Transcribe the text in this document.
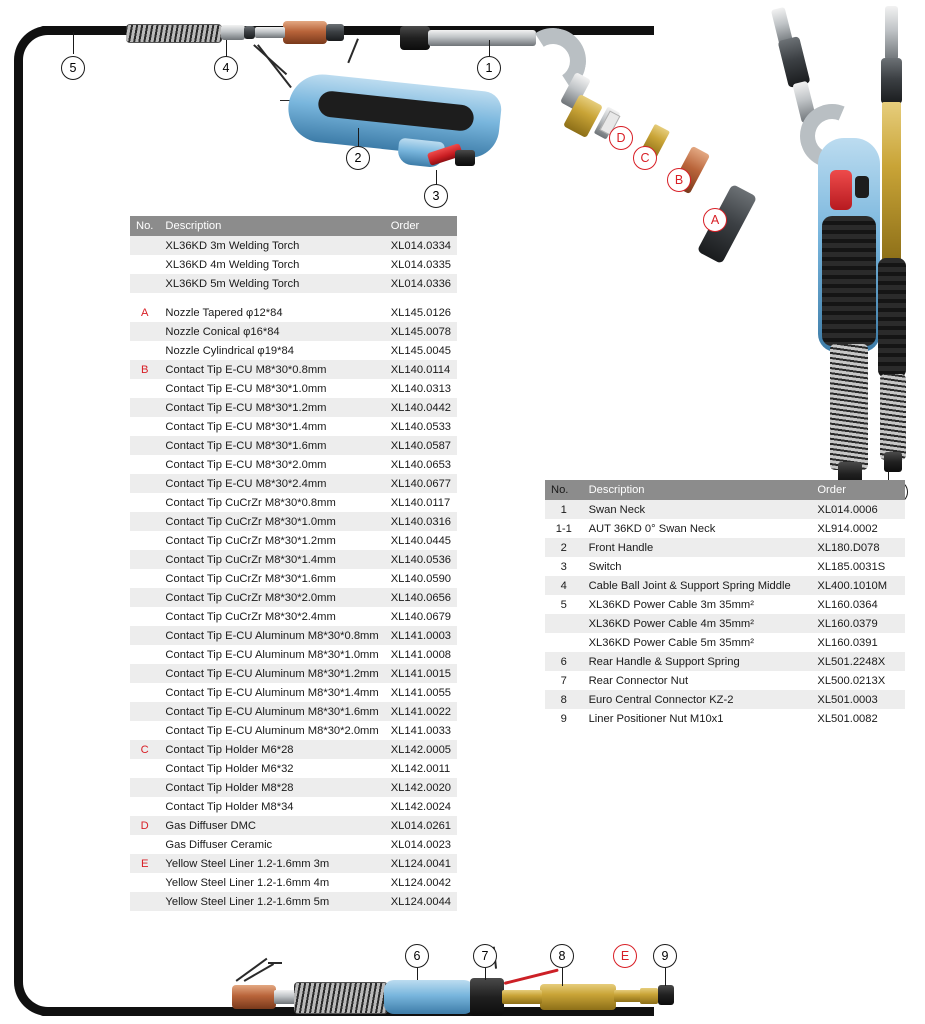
5	4	1
2
3
D
C
B
A
6	7	8	E	9
No.	Description	Order
	XL36KD 3m Welding Torch	XL014.0334
	XL36KD 4m Welding Torch	XL014.0335
	XL36KD 5m Welding Torch	XL014.0336

A	Nozzle Tapered φ12*84	XL145.0126
	Nozzle Conical φ16*84	XL145.0078
	Nozzle Cylindrical φ19*84	XL145.0045
B	Contact Tip E-CU M8*30*0.8mm	XL140.0114
	Contact Tip E-CU M8*30*1.0mm	XL140.0313
	Contact Tip E-CU M8*30*1.2mm	XL140.0442
	Contact Tip E-CU M8*30*1.4mm	XL140.0533
	Contact Tip E-CU M8*30*1.6mm	XL140.0587
	Contact Tip E-CU M8*30*2.0mm	XL140.0653
	Contact Tip E-CU M8*30*2.4mm	XL140.0677
	Contact Tip CuCrZr M8*30*0.8mm	XL140.0117
	Contact Tip CuCrZr M8*30*1.0mm	XL140.0316
	Contact Tip CuCrZr M8*30*1.2mm	XL140.0445
	Contact Tip CuCrZr M8*30*1.4mm	XL140.0536
	Contact Tip CuCrZr M8*30*1.6mm	XL140.0590
	Contact Tip CuCrZr M8*30*2.0mm	XL140.0656
	Contact Tip CuCrZr M8*30*2.4mm	XL140.0679
	Contact Tip E-CU Aluminum M8*30*0.8mm	XL141.0003
	Contact Tip E-CU Aluminum M8*30*1.0mm	XL141.0008
	Contact Tip E-CU Aluminum M8*30*1.2mm	XL141.0015
	Contact Tip E-CU Aluminum M8*30*1.4mm	XL141.0055
	Contact Tip E-CU Aluminum M8*30*1.6mm	XL141.0022
	Contact Tip E-CU Aluminum M8*30*2.0mm	XL141.0033
C	Contact Tip Holder M6*28	XL142.0005
	Contact Tip Holder M6*32	XL142.0011
	Contact Tip Holder M8*28	XL142.0020
	Contact Tip Holder M8*34	XL142.0024
D	Gas Diffuser DMC	XL014.0261
	Gas Diffuser Ceramic	XL014.0023
E	Yellow Steel Liner 1.2-1.6mm 3m	XL124.0041
	Yellow Steel Liner 1.2-1.6mm 4m	XL124.0042
	Yellow Steel Liner 1.2-1.6mm 5m	XL124.0044
No.	Description	Order
1	Swan Neck	XL014.0006
1-1	AUT 36KD 0° Swan Neck	XL914.0002
2	Front Handle	XL180.D078
3	Switch	XL185.0031S
4	Cable Ball Joint & Support Spring Middle	XL400.1010M
5	XL36KD Power Cable 3m 35mm²	XL160.0364
	XL36KD Power Cable 4m 35mm²	XL160.0379
	XL36KD Power Cable 5m 35mm²	XL160.0391
6	Rear Handle & Support Spring	XL501.2248X
7	Rear Connector Nut	XL500.0213X
8	Euro Central Connector KZ-2	XL501.0003
9	Liner Positioner Nut M10x1	XL501.0082
